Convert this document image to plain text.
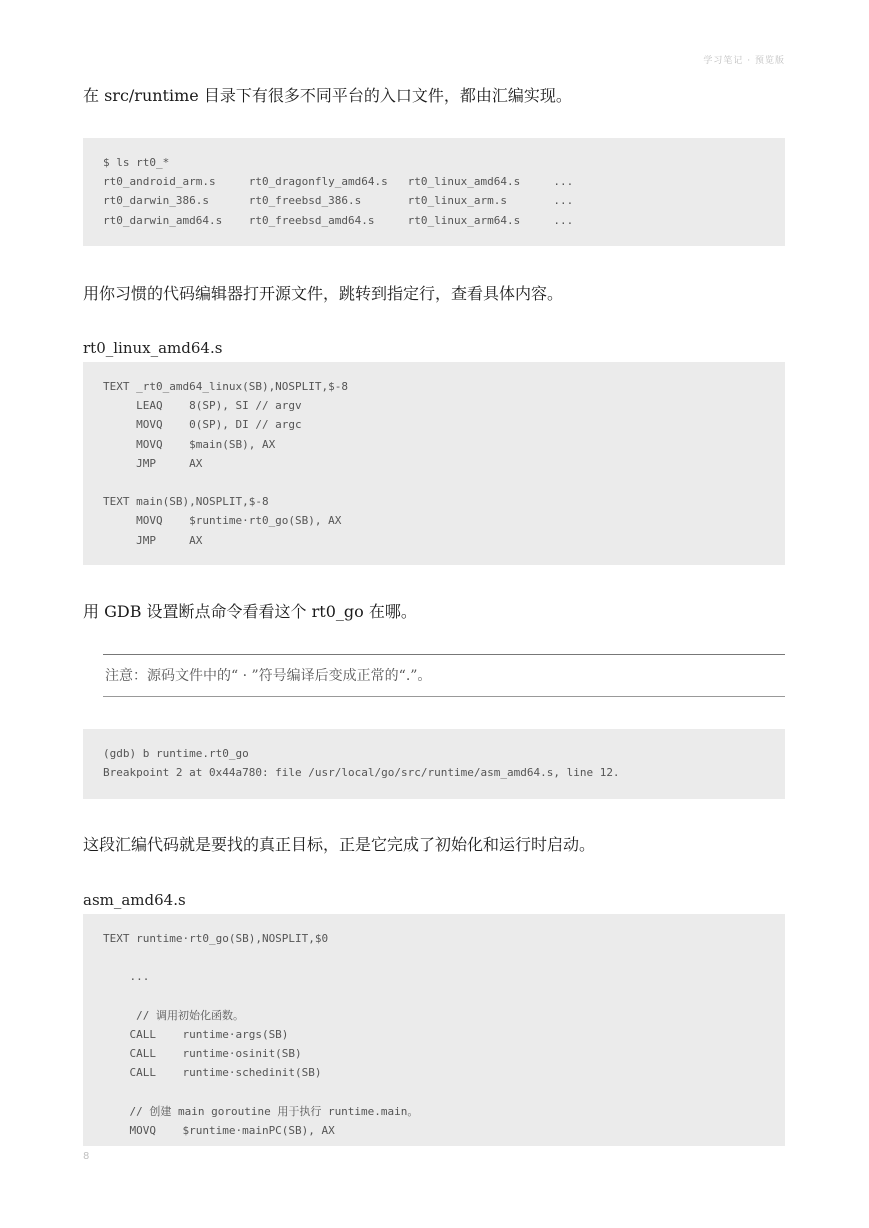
学习笔记 · 预览版
在 src/runtime 目录下有很多不同平台的入口文件，都由汇编实现。
$ ls rt0_*
rt0_android_arm.s     rt0_dragonfly_amd64.s   rt0_linux_amd64.s     ...
rt0_darwin_386.s      rt0_freebsd_386.s       rt0_linux_arm.s       ...
rt0_darwin_amd64.s    rt0_freebsd_amd64.s     rt0_linux_arm64.s     ...
用你习惯的代码编辑器打开源文件，跳转到指定行，查看具体内容。
rt0_linux_amd64.s
TEXT _rt0_amd64_linux(SB),NOSPLIT,$-8
LEAQ    8(SP), SI // argv
MOVQ    0(SP), DI // argc
MOVQ    $main(SB), AX
JMP     AX
TEXT main(SB),NOSPLIT,$-8
MOVQ    $runtime·rt0_go(SB), AX
JMP     AX
用 GDB 设置断点命令看看这个 rt0_go 在哪。
注意：源码文件中的“ · ”符号编译后变成正常的“.”。
(gdb) b runtime.rt0_go
Breakpoint 2 at 0x44a780: file /usr/local/go/src/runtime/asm_amd64.s, line 12.
这段汇编代码就是要找的真正目标，正是它完成了初始化和运行时启动。
asm_amd64.s
TEXT runtime·rt0_go(SB),NOSPLIT,$0
...
// 调用初始化函数。
CALL    runtime·args(SB)
CALL    runtime·osinit(SB)
CALL    runtime·schedinit(SB)
// 创建 main goroutine 用于执行 runtime.main。
MOVQ    $runtime·mainPC(SB), AX
8
